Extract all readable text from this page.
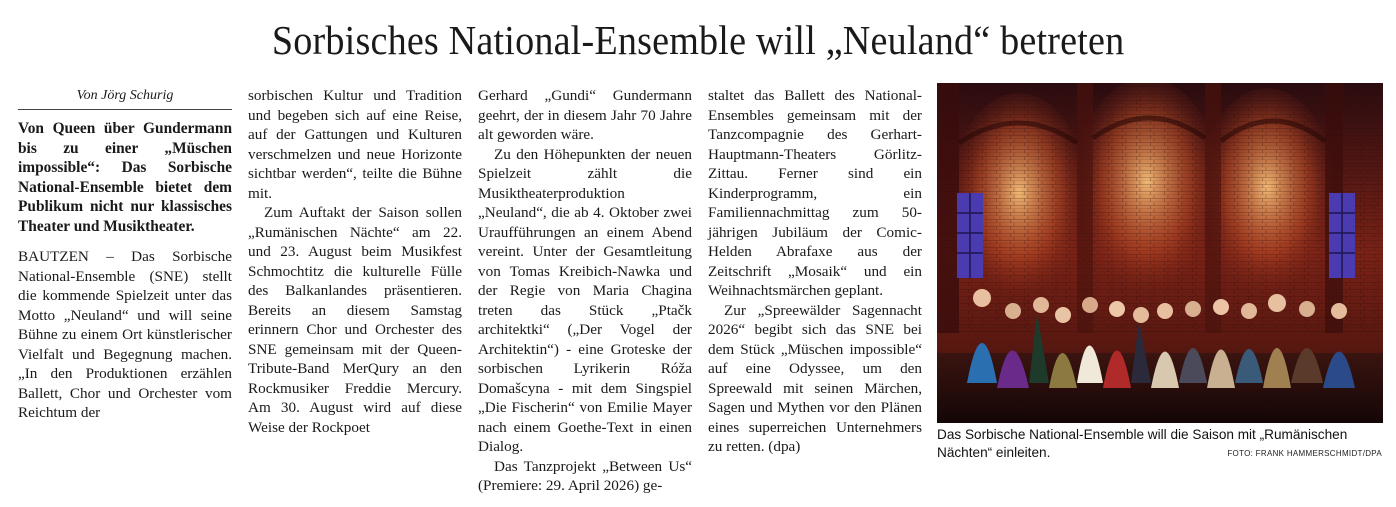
Sorbisches National-Ensemble will „Neuland“ betreten

Von Jörg Schurig

Von Queen über Gundermann bis zu einer „Müschen impossible“: Das Sorbische National-Ensemble bietet dem Publikum nicht nur klassisches Theater und Musiktheater.

BAUTZEN – Das Sorbische National-Ensemble (SNE) stellt die kommende Spielzeit unter das Motto „Neuland“ und will seine Bühne zu einem Ort künstlerischer Vielfalt und Begegnung machen. „In den Produktionen erzählen Ballett, Chor und Orchester vom Reichtum der

sorbischen Kultur und Tradition und begeben sich auf eine Reise, auf der Gattungen und Kulturen verschmelzen und neue Horizonte sichtbar werden“, teilte die Bühne mit.

Zum Auftakt der Saison sollen „Rumänischen Nächte“ am 22. und 23. August beim Musikfest Schmochtitz die kulturelle Fülle des Balkanlandes präsentieren. Bereits an diesem Samstag erinnern Chor und Orchester des SNE gemeinsam mit der Queen-Tribute-Band MerQury an den Rockmusiker Freddie Mercury. Am 30. August wird auf diese Weise der Rockpoet

Gerhard „Gundi“ Gundermann geehrt, der in diesem Jahr 70 Jahre alt geworden wäre.

Zu den Höhepunkten der neuen Spielzeit zählt die Musiktheaterproduktion „Neuland“, die ab 4. Oktober zwei Uraufführungen an einem Abend vereint. Unter der Gesamtleitung von Tomas Kreibich-Nawka und der Regie von Maria Chagina treten das Stück „Ptačk architektki“ („Der Vogel der Architektin“) - eine Groteske der sorbischen Lyrikerin Róža Domašcyna - mit dem Singspiel „Die Fischerin“ von Emilie Mayer nach einem Goethe-Text in einen Dialog.

Das Tanzprojekt „Between Us“ (Premiere: 29. April 2026) ge-

staltet das Ballett des National-Ensembles gemeinsam mit der Tanzcompagnie des Gerhart-Hauptmann-Theaters Görlitz-Zittau. Ferner sind ein Kinderprogramm, ein Familiennachmittag zum 50-jährigen Jubiläum der Comic-Helden Abrafaxe aus der Zeitschrift „Mosaik“ und ein Weihnachtsmärchen geplant.

Zur „Spreewälder Sagennacht 2026“ begibt sich das SNE bei dem Stück „Müschen impossible“ auf eine Odyssee, um den Spreewald mit seinen Märchen, Sagen und Mythen vor den Plänen eines superreichen Unternehmers zu retten. (dpa)

Das Sorbische National-Ensemble will die Saison mit „Rumänischen Nächten“ einleiten.	FOTO: FRANK HAMMERSCHMIDT/DPA
